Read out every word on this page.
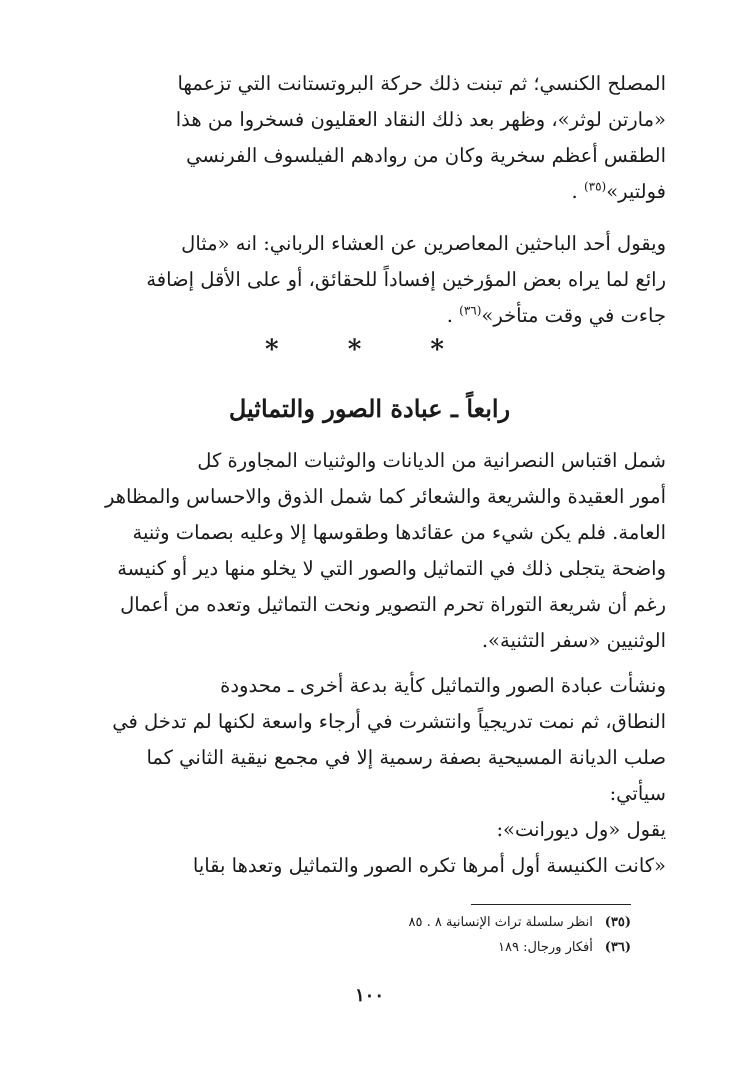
المصلح الكنسي؛ ثم تبنت ذلك حركة البروتستانت التي تزعمها
«مارتن لوثر»، وظهر بعد ذلك النقاد العقليون فسخروا من هذا
الطقس أعظم سخرية وكان من روادهم الفيلسوف الفرنسي
فولتير»$^{(٣٥)}$ .

ويقول أحد الباحثين المعاصرين عن العشاء الرباني: انه «مثال
رائع لما يراه بعض المؤرخين إفساداً للحقائق، أو على الأقل إضافة
جاءت في وقت متأخر»$^{(٣٦)}$ .

* * *
رابعاً ـ عبادة الصور والتماثيل

شمل اقتباس النصرانية من الديانات والوثنيات المجاورة كل
أمور العقيدة والشريعة والشعائر كما شمل الذوق والاحساس والمظاهر
العامة. فلم يكن شيء من عقائدها وطقوسها إلا وعليه بصمات وثنية
واضحة يتجلى ذلك في التماثيل والصور التي لا يخلو منها دير أو كنيسة
رغم أن شريعة التوراة تحرم التصوير ونحت التماثيل وتعده من أعمال
الوثنيين «سفر التثنية».

ونشأت عبادة الصور والتماثيل كأية بدعة أخرى ـ محدودة
النطاق، ثم نمت تدريجياً وانتشرت في أرجاء واسعة لكنها لم تدخل في
صلب الديانة المسيحية بصفة رسمية إلا في مجمع نيقية الثاني كما
سيأتي:

يقول «ول ديورانت»:
«كانت الكنيسة أول أمرها تكره الصور والتماثيل وتعدها بقايا

(٣٥) انظر سلسلة تراث الإنسانية ٨ . ٨٥
(٣٦) أفكار ورجال: ١٨٩
١٠٠
